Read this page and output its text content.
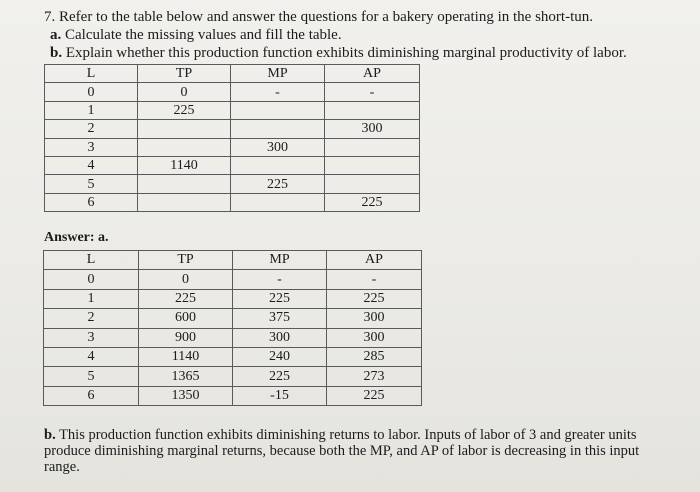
7. Refer to the table below and answer the questions for a bakery operating in the short-tun.
a. Calculate the missing values and fill the table.
b. Explain whether this production function exhibits diminishing marginal productivity of labor.
L	TP	MP	AP
0	0	-	-
1	225		
2			300
3		300	
4	1140		
5		225	
6			225
Answer: a.
L	TP	MP	AP
0	0	-	-
1	225	225	225
2	600	375	300
3	900	300	300
4	1140	240	285
5	1365	225	273
6	1350	-15	225
b. This production function exhibits diminishing returns to labor. Inputs of labor of 3 and greater units produce diminishing marginal returns, because both the MP, and AP of labor is decreasing in this input range.
